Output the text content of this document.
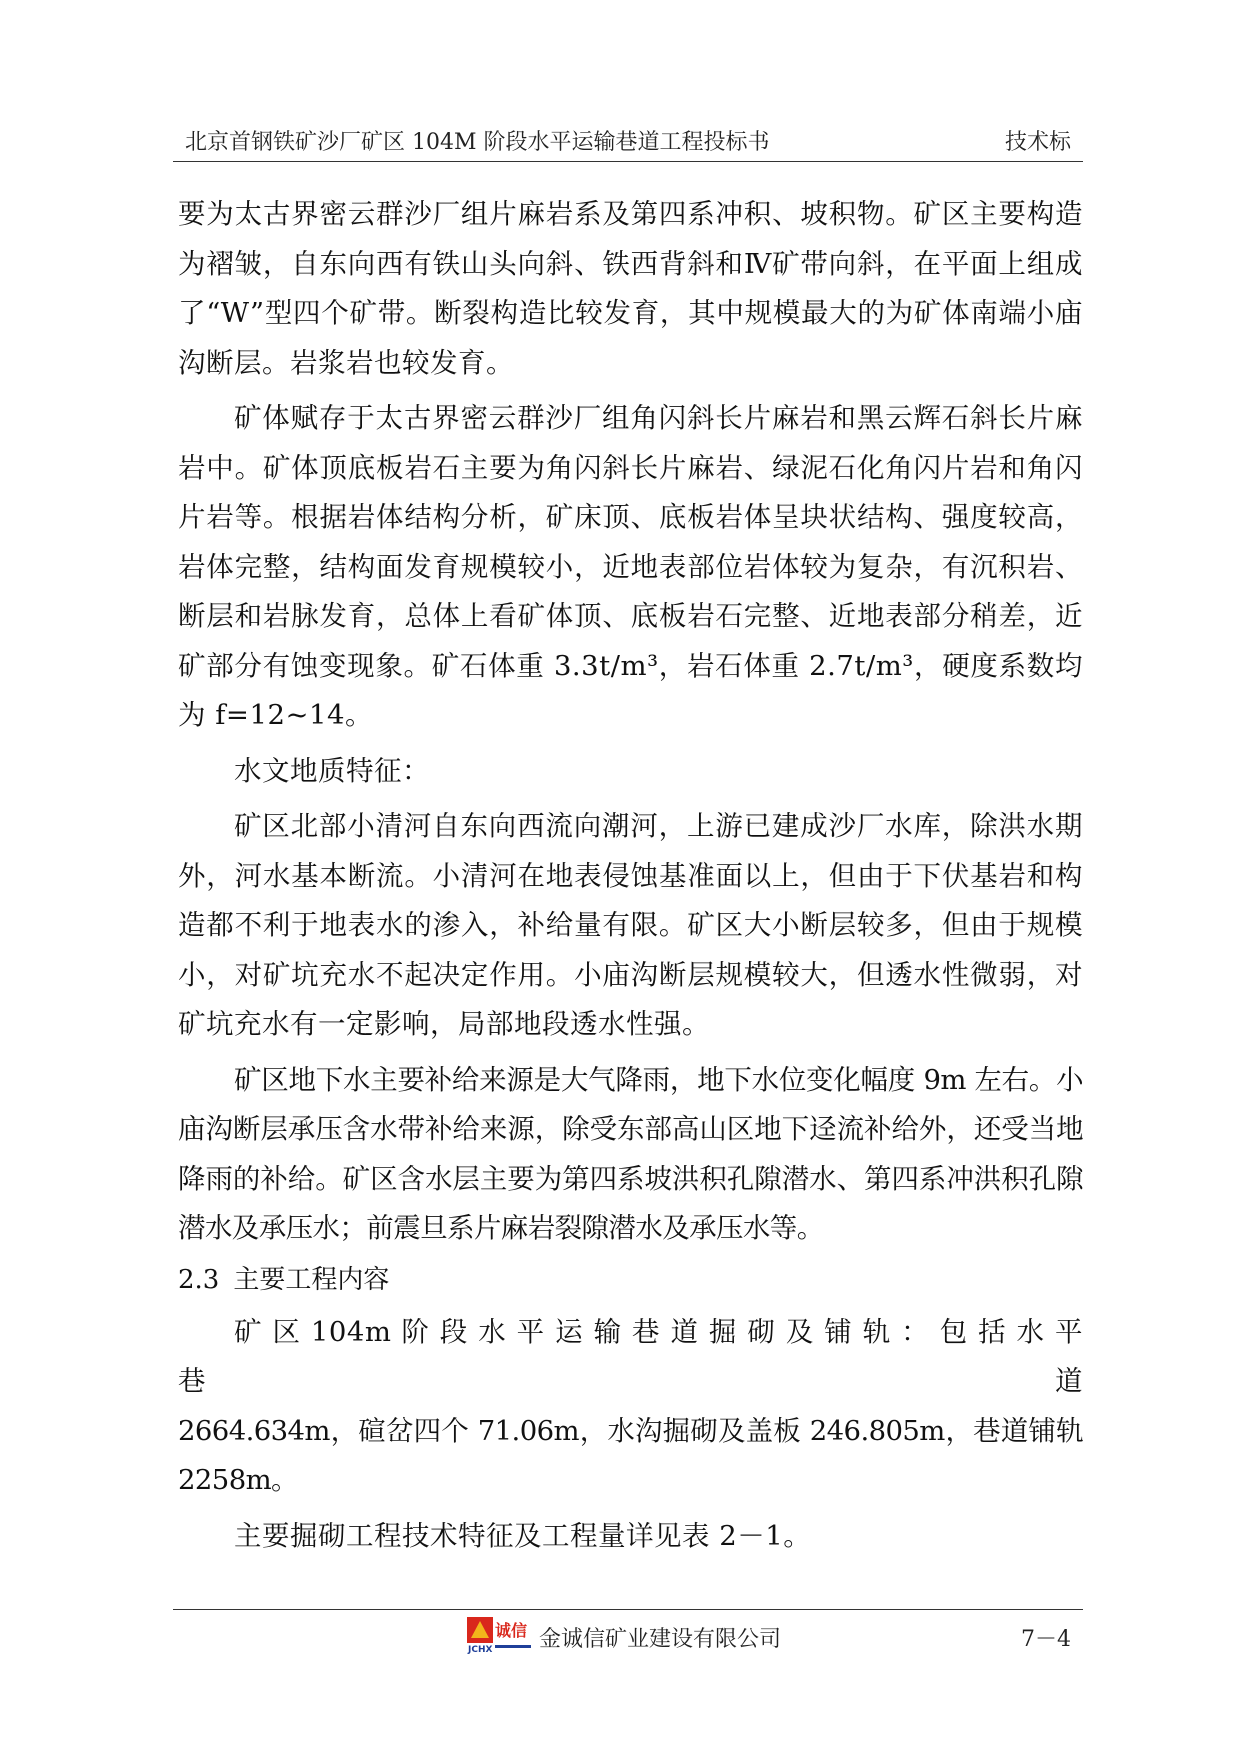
北京首钢铁矿沙厂矿区 104M 阶段水平运输巷道工程投标书	技术标

要为太古界密云群沙厂组片麻岩系及第四系冲积、坡积物。矿区主要构造为褶皱，自东向西有铁山头向斜、铁西背斜和Ⅳ矿带向斜，在平面上组成了“W”型四个矿带。断裂构造比较发育，其中规模最大的为矿体南端小庙沟断层。岩浆岩也较发育。

矿体赋存于太古界密云群沙厂组角闪斜长片麻岩和黑云辉石斜长片麻岩中。矿体顶底板岩石主要为角闪斜长片麻岩、绿泥石化角闪片岩和角闪片岩等。根据岩体结构分析，矿床顶、底板岩体呈块状结构、强度较高，岩体完整，结构面发育规模较小，近地表部位岩体较为复杂，有沉积岩、断层和岩脉发育，总体上看矿体顶、底板岩石完整、近地表部分稍差，近矿部分有蚀变现象。矿石体重 3.3t/m³，岩石体重 2.7t/m³，硬度系数均为 f=12~14。

水文地质特征：

矿区北部小清河自东向西流向潮河，上游已建成沙厂水库，除洪水期外，河水基本断流。小清河在地表侵蚀基准面以上，但由于下伏基岩和构造都不利于地表水的渗入，补给量有限。矿区大小断层较多，但由于规模小，对矿坑充水不起决定作用。小庙沟断层规模较大，但透水性微弱，对矿坑充水有一定影响，局部地段透水性强。

矿区地下水主要补给来源是大气降雨，地下水位变化幅度 9m 左右。小庙沟断层承压含水带补给来源，除受东部高山区地下迳流补给外，还受当地降雨的补给。矿区含水层主要为第四系坡洪积孔隙潜水、第四系冲洪积孔隙潜水及承压水；前震旦系片麻岩裂隙潜水及承压水等。

2.3 主要工程内容

矿 区 104m 阶 段 水 平 运 输 巷 道 掘 砌 及 铺 轨 ： 包 括 水 平 巷 道

2664.634m，碹岔四个 71.06m，水沟掘砌及盖板 246.805m，巷道铺轨 2258m。

主要掘砌工程技术特征及工程量详见表 2－1。

诚信
JCHX 金诚信矿业建设有限公司	7－4
